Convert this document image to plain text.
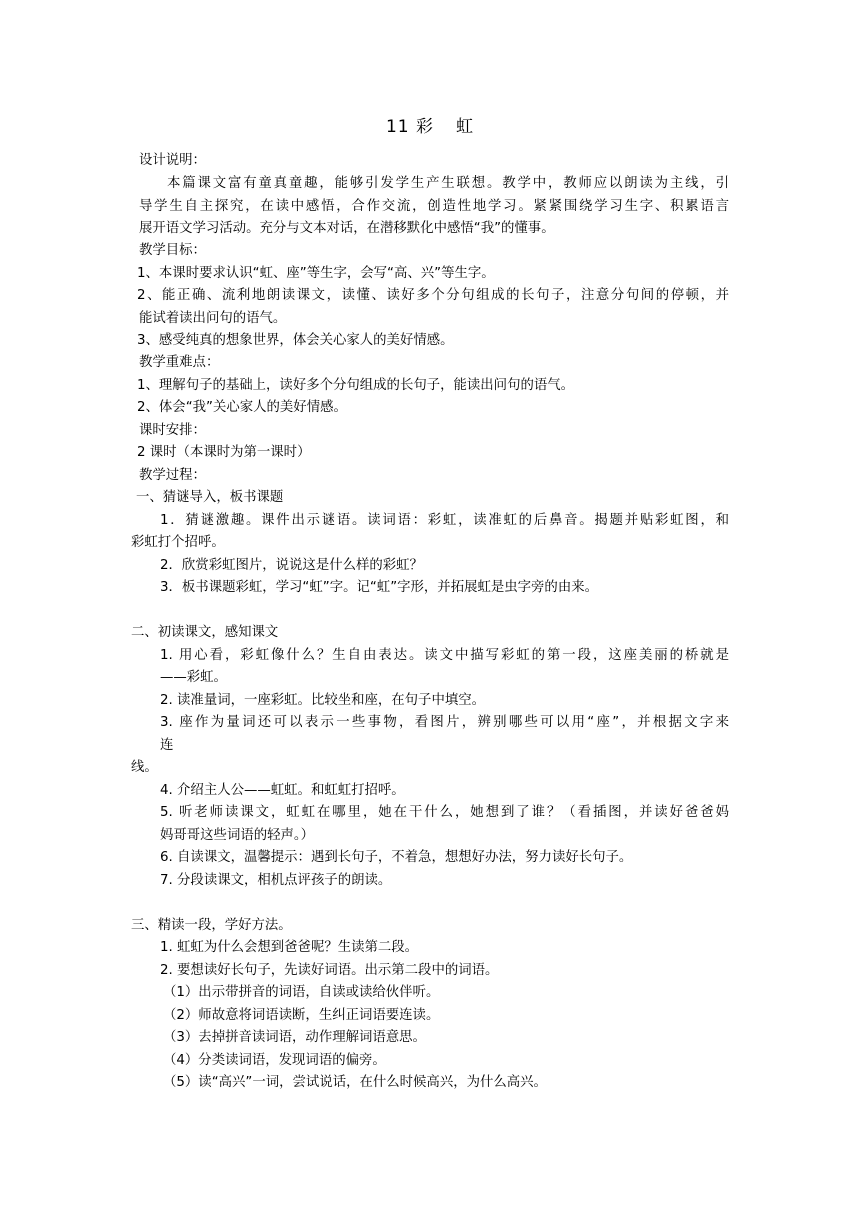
11 彩 虹
设计说明：
本篇课文富有童真童趣，能够引发学生产生联想。教学中，教师应以朗读为主线，引
导学生自主探究，在读中感悟，合作交流，创造性地学习。紧紧围绕学习生字、积累语言
展开语文学习活动。充分与文本对话，在潜移默化中感悟“我”的懂事。
教学目标：
1、本课时要求认识“虹、座”等生字，会写“高、兴”等生字。
2、能正确、流利地朗读课文，读懂、读好多个分句组成的长句子，注意分句间的停顿，并
能试着读出问句的语气。
3、感受纯真的想象世界，体会关心家人的美好情感。
教学重难点：
1、理解句子的基础上，读好多个分句组成的长句子，能读出问句的语气。
2、体会“我”关心家人的美好情感。
课时安排：
2 课时（本课时为第一课时）
教学过程：
一、猜谜导入，板书课题
1．猜谜激趣。课件出示谜语。读词语：彩虹，读准虹的后鼻音。揭题并贴彩虹图，和
彩虹打个招呼。
2．欣赏彩虹图片，说说这是什么样的彩虹？
3．板书课题彩虹，学习“虹”字。记“虹”字形，并拓展虹是虫字旁的由来。
二、初读课文，感知课文
1. 用心看，彩虹像什么？生自由表达。读文中描写彩虹的第一段，这座美丽的桥就是
——彩虹。
2. 读准量词，一座彩虹。比较坐和座，在句子中填空。
3. 座作为量词还可以表示一些事物，看图片，辨别哪些可以用“座”，并根据文字来
连
线。
4. 介绍主人公——虹虹。和虹虹打招呼。
5. 听老师读课文，虹虹在哪里，她在干什么，她想到了谁？（看插图，并读好爸爸妈
妈哥哥这些词语的轻声。）
6. 自读课文，温馨提示：遇到长句子，不着急，想想好办法，努力读好长句子。
7. 分段读课文，相机点评孩子的朗读。
三、精读一段，学好方法。
1. 虹虹为什么会想到爸爸呢？生读第二段。
2. 要想读好长句子，先读好词语。出示第二段中的词语。
（1）出示带拼音的词语，自读或读给伙伴听。
（2）师故意将词语读断，生纠正词语要连读。
（3）去掉拼音读词语，动作理解词语意思。
（4）分类读词语，发现词语的偏旁。
（5）读“高兴”一词，尝试说话，在什么时候高兴，为什么高兴。
